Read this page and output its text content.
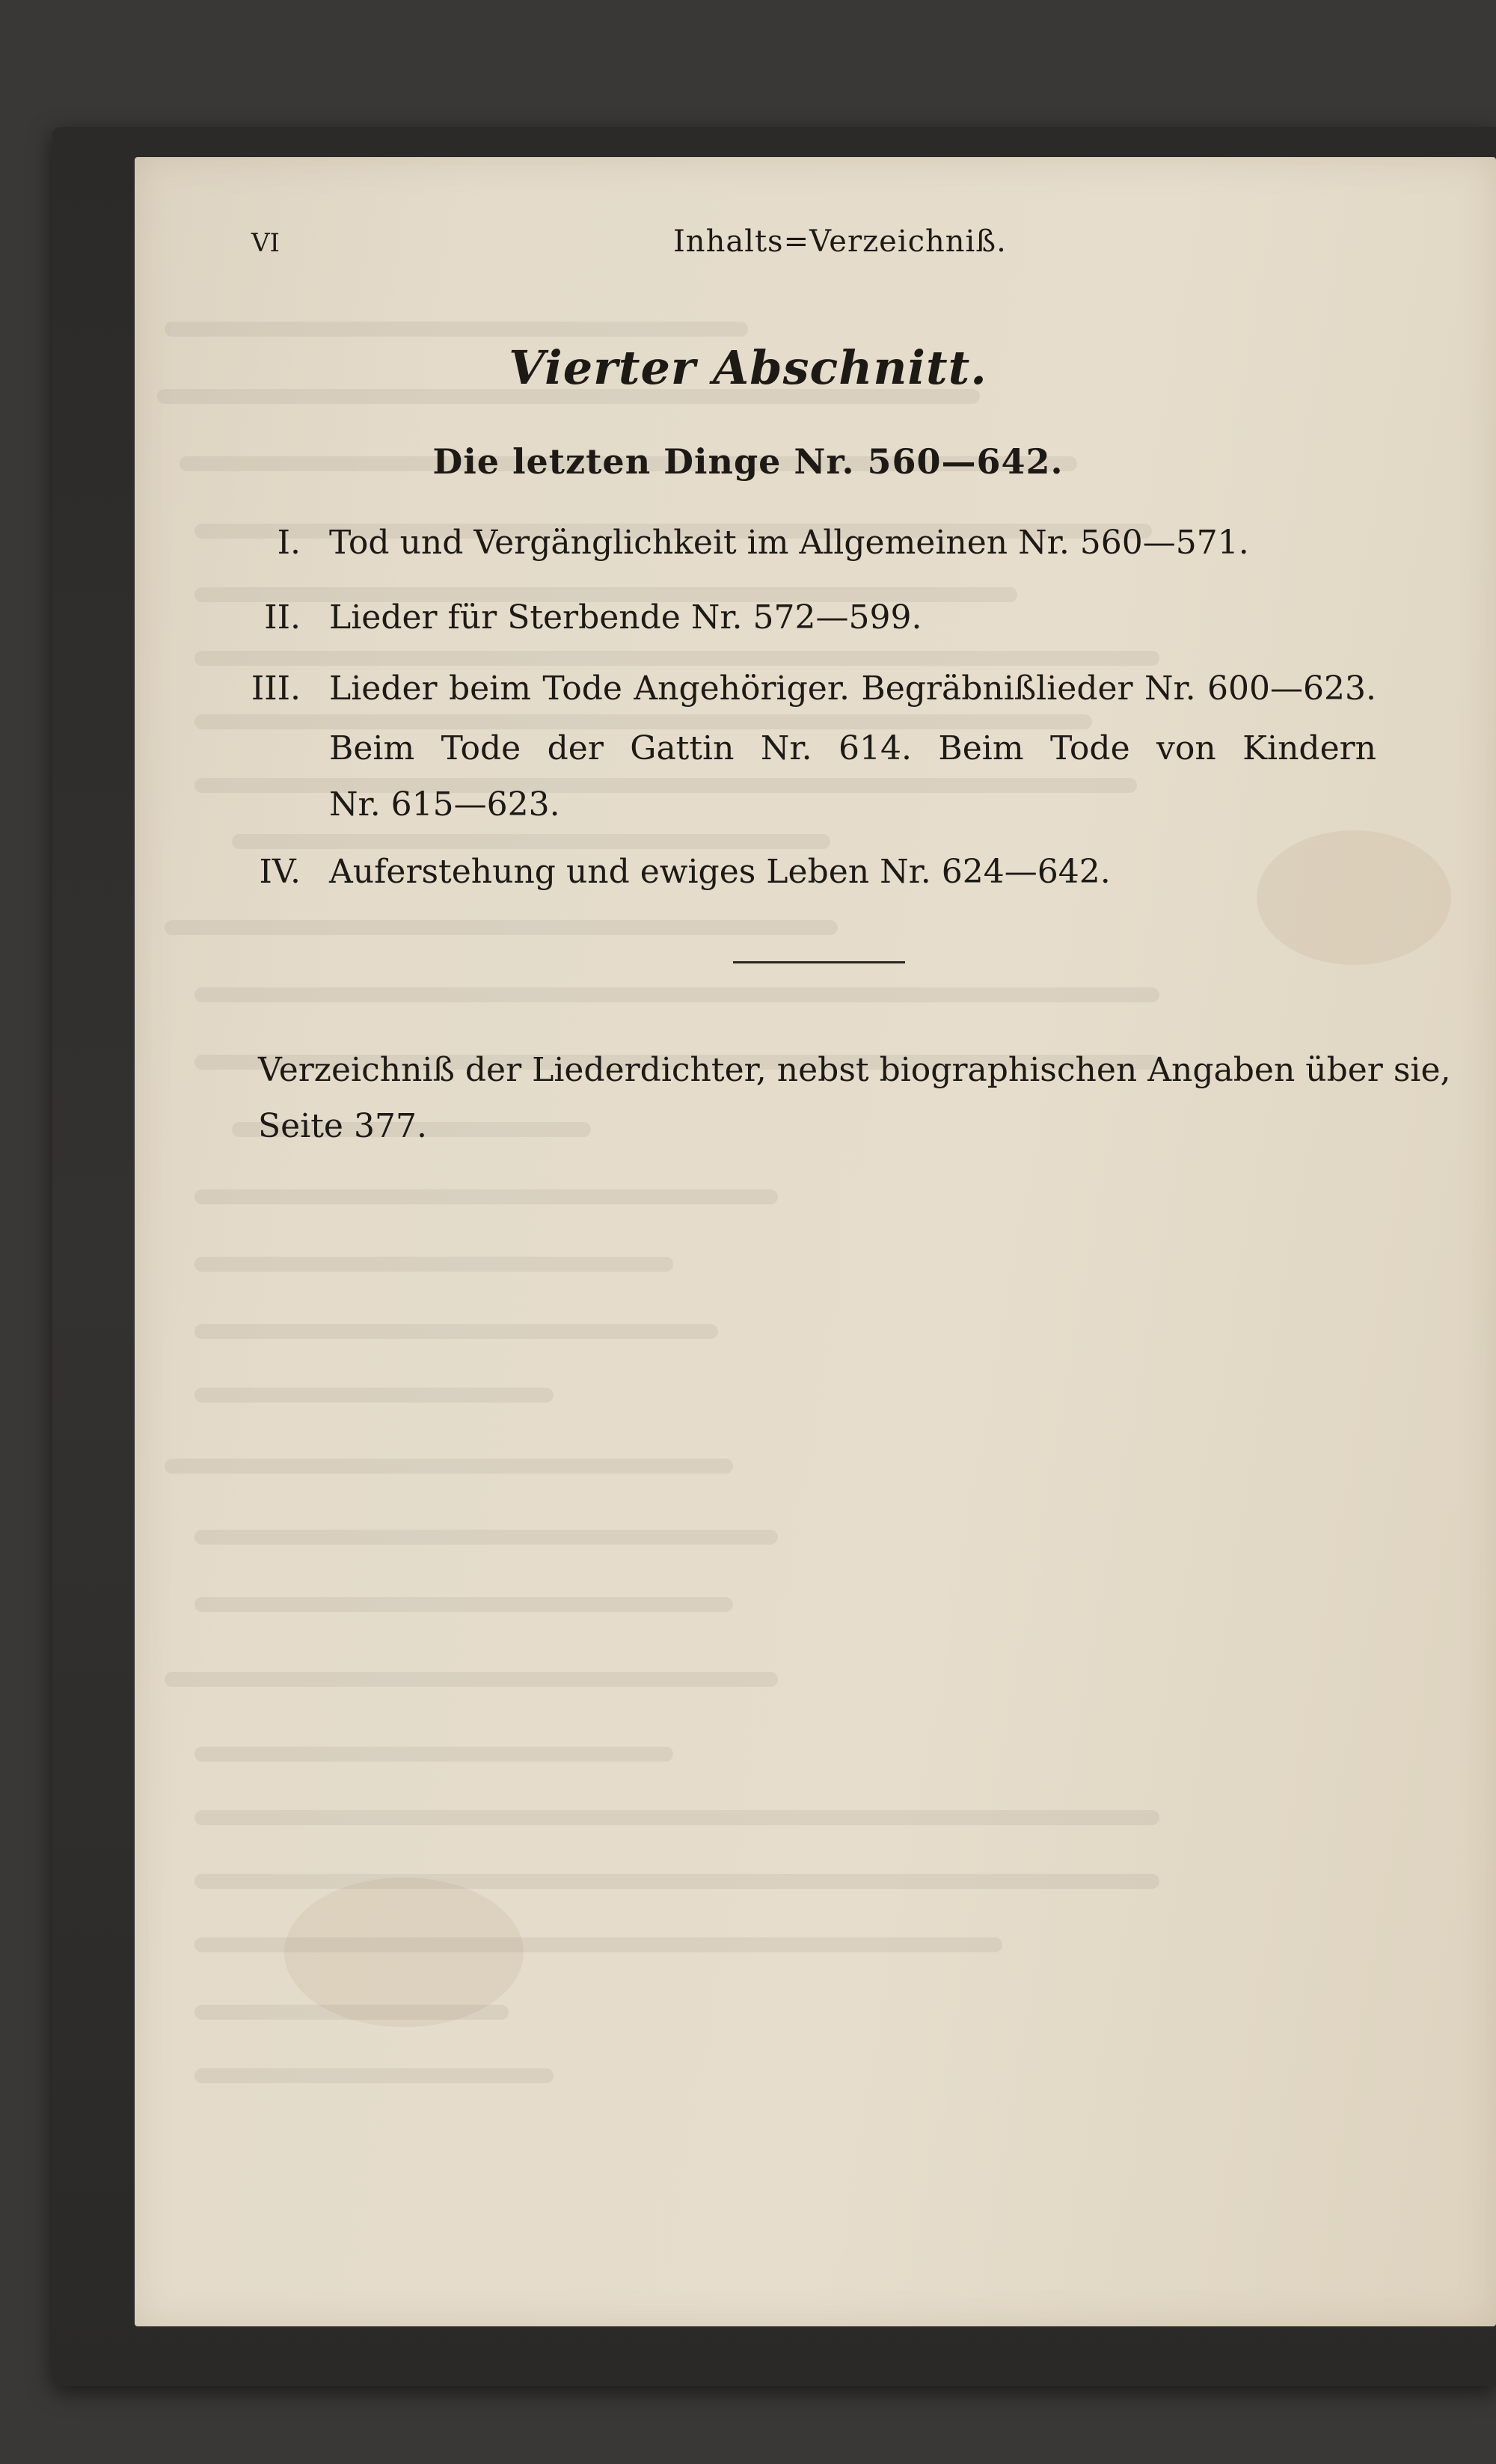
VI	Inhalts=Verzeichniß.
Vierter Abschnitt.
Die letzten Dinge Nr. 560—642.
I. Tod und Vergänglichkeit im Allgemeinen Nr. 560—571.
II. Lieder für Sterbende Nr. 572—599.
III. Lieder beim Tode Angehöriger. Begräbnißlieder Nr. 600—623.
Beim Tode der Gattin Nr. 614. Beim Tode von Kindern
Nr. 615—623.
IV. Auferstehung und ewiges Leben Nr. 624—642.
Verzeichniß der Liederdichter, nebst biographischen Angaben über sie,
Seite 377.
